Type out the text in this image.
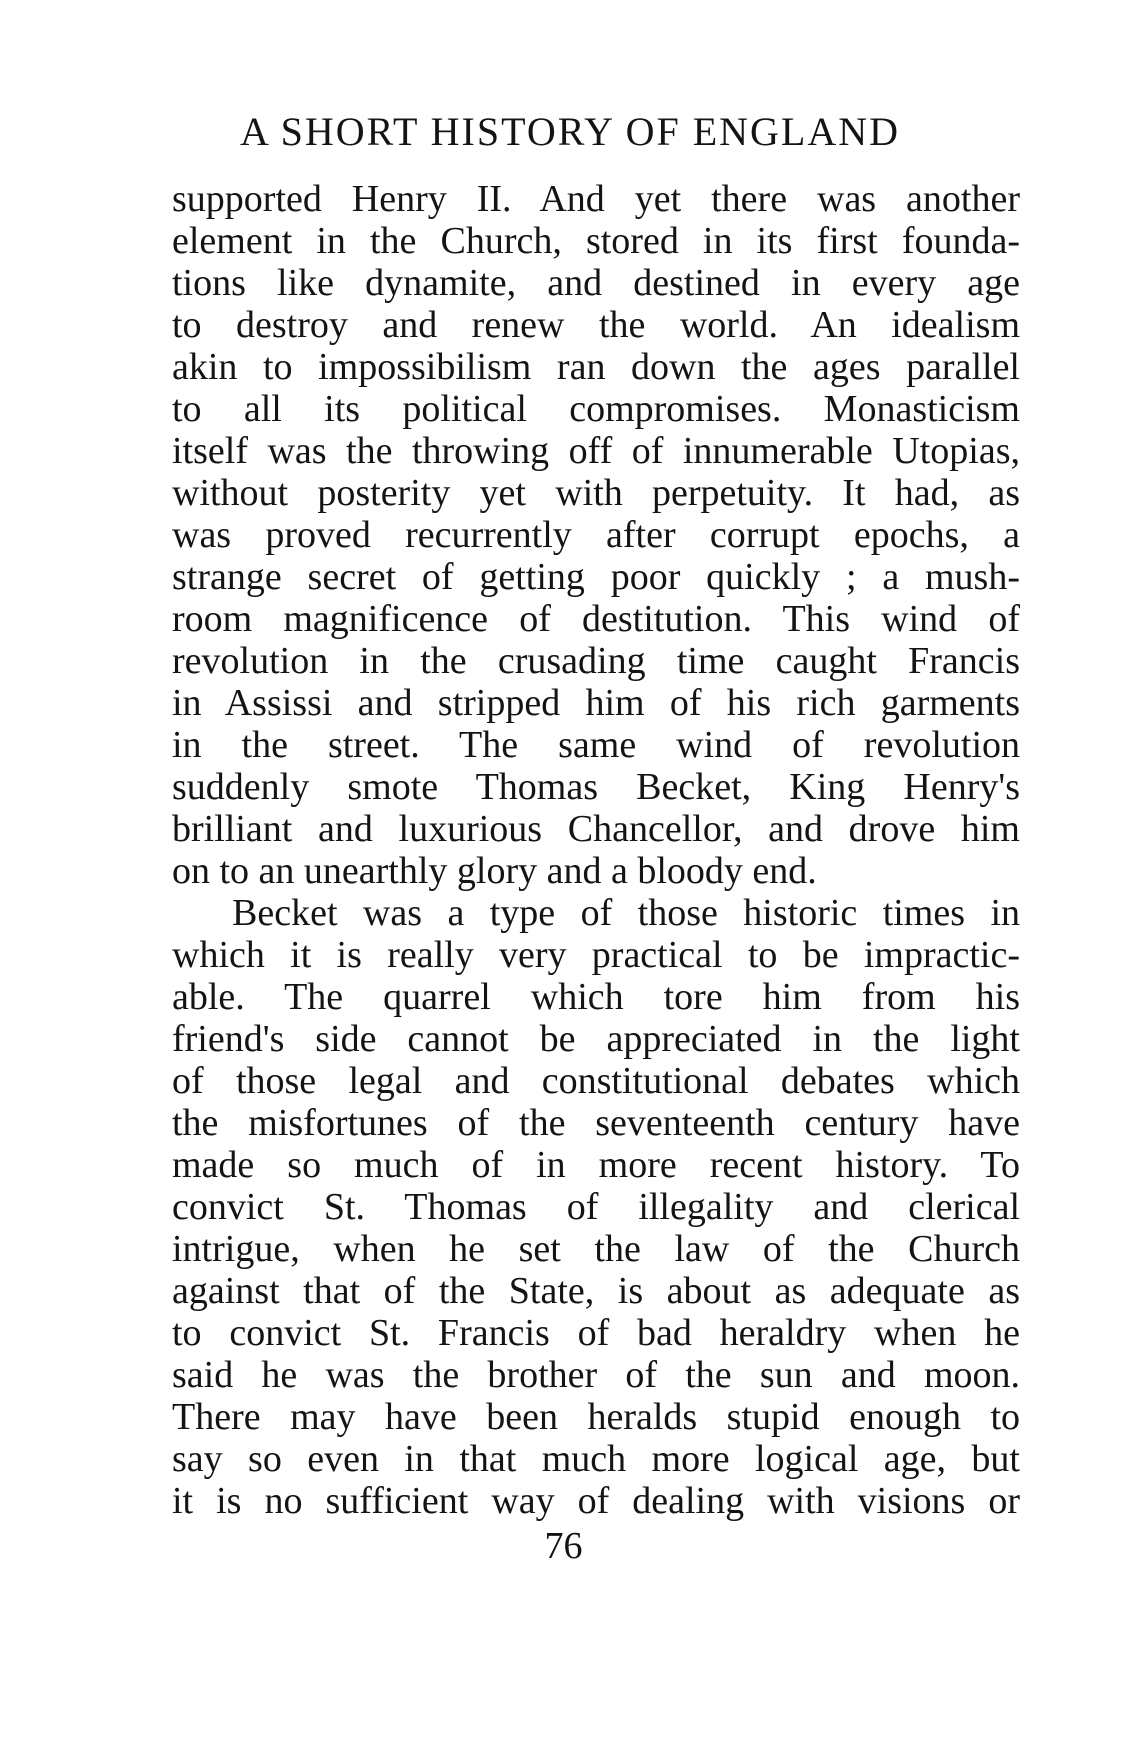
A SHORT HISTORY OF ENGLAND
supported Henry II. And yet there was another
element in the Church, stored in its first founda-
tions like dynamite, and destined in every age
to destroy and renew the world. An idealism
akin to impossibilism ran down the ages parallel
to all its political compromises. Monasticism
itself was the throwing off of innumerable Utopias,
without posterity yet with perpetuity. It had, as
was proved recurrently after corrupt epochs, a
strange secret of getting poor quickly ; a mush-
room magnificence of destitution. This wind of
revolution in the crusading time caught Francis
in Assissi and stripped him of his rich garments
in the street. The same wind of revolution
suddenly smote Thomas Becket, King Henry's
brilliant and luxurious Chancellor, and drove him
on to an unearthly glory and a bloody end.
Becket was a type of those historic times in
which it is really very practical to be impractic-
able. The quarrel which tore him from his
friend's side cannot be appreciated in the light
of those legal and constitutional debates which
the misfortunes of the seventeenth century have
made so much of in more recent history. To
convict St. Thomas of illegality and clerical
intrigue, when he set the law of the Church
against that of the State, is about as adequate as
to convict St. Francis of bad heraldry when he
said he was the brother of the sun and moon.
There may have been heralds stupid enough to
say so even in that much more logical age, but
it is no sufficient way of dealing with visions or
76
